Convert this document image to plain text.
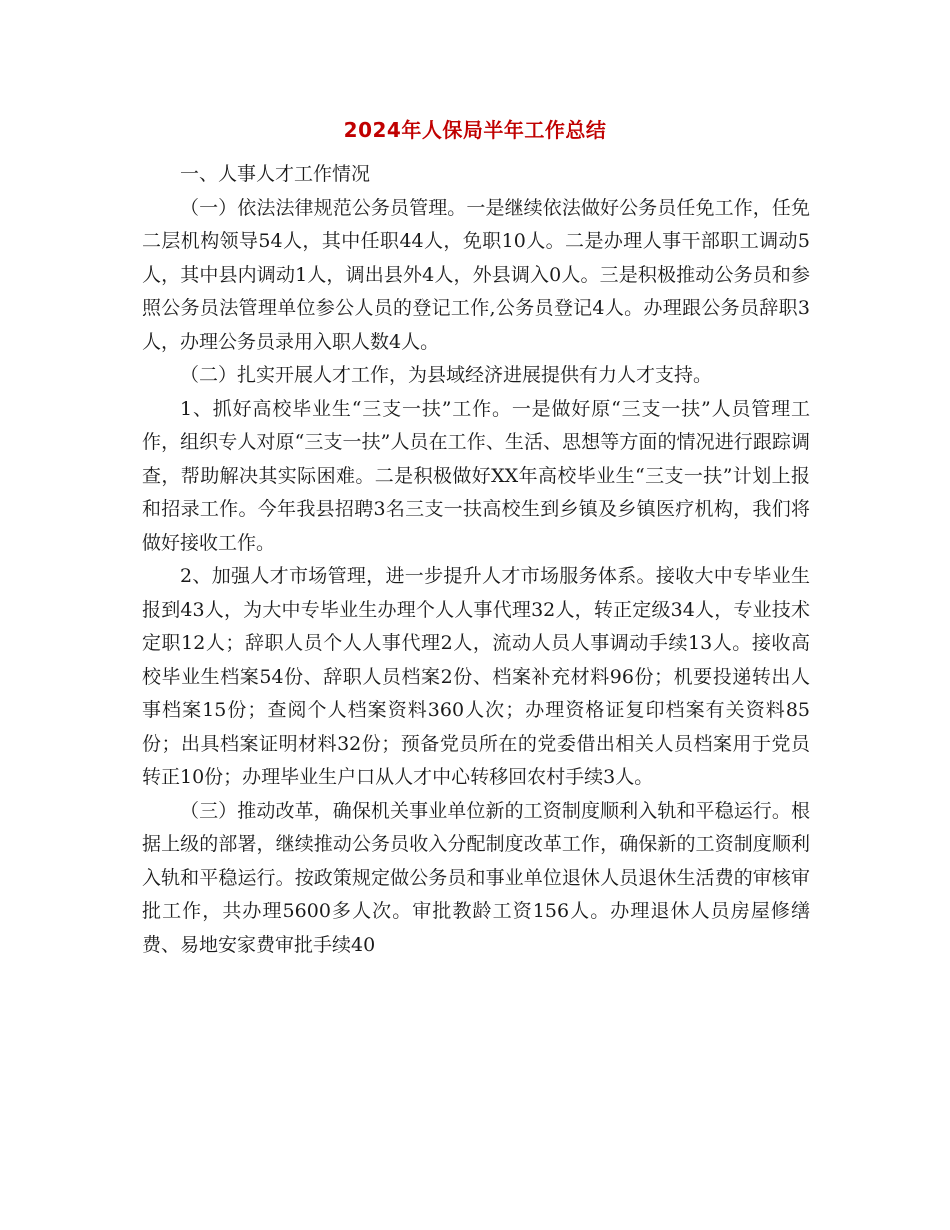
2024年人保局半年工作总结

一、人事人才工作情况

（一）依法法律规范公务员管理。一是继续依法做好公务员任免工作，任免二层机构领导54人，其中任职44人，免职10人。二是办理人事干部职工调动5人，其中县内调动1人，调出县外4人，外县调入0人。三是积极推动公务员和参照公务员法管理单位参公人员的登记工作,公务员登记4人。办理跟公务员辞职3人，办理公务员录用入职人数4人。

（二）扎实开展人才工作，为县域经济进展提供有力人才支持。

1、抓好高校毕业生“三支一扶”工作。一是做好原“三支一扶”人员管理工作，组织专人对原“三支一扶”人员在工作、生活、思想等方面的情况进行跟踪调查，帮助解决其实际困难。二是积极做好XX年高校毕业生“三支一扶”计划上报和招录工作。今年我县招聘3名三支一扶高校生到乡镇及乡镇医疗机构，我们将做好接收工作。

2、加强人才市场管理，进一步提升人才市场服务体系。接收大中专毕业生报到43人，为大中专毕业生办理个人人事代理32人，转正定级34人，专业技术定职12人；辞职人员个人人事代理2人，流动人员人事调动手续13人。接收高校毕业生档案54份、辞职人员档案2份、档案补充材料96份；机要投递转出人事档案15份；查阅个人档案资料360人次；办理资格证复印档案有关资料85份；出具档案证明材料32份；预备党员所在的党委借出相关人员档案用于党员转正10份；办理毕业生户口从人才中心转移回农村手续3人。

（三）推动改革，确保机关事业单位新的工资制度顺利入轨和平稳运行。根据上级的部署，继续推动公务员收入分配制度改革工作，确保新的工资制度顺利入轨和平稳运行。按政策规定做公务员和事业单位退休人员退休生活费的审核审批工作，共办理5600多人次。审批教龄工资156人。办理退休人员房屋修缮费、易地安家费审批手续40
